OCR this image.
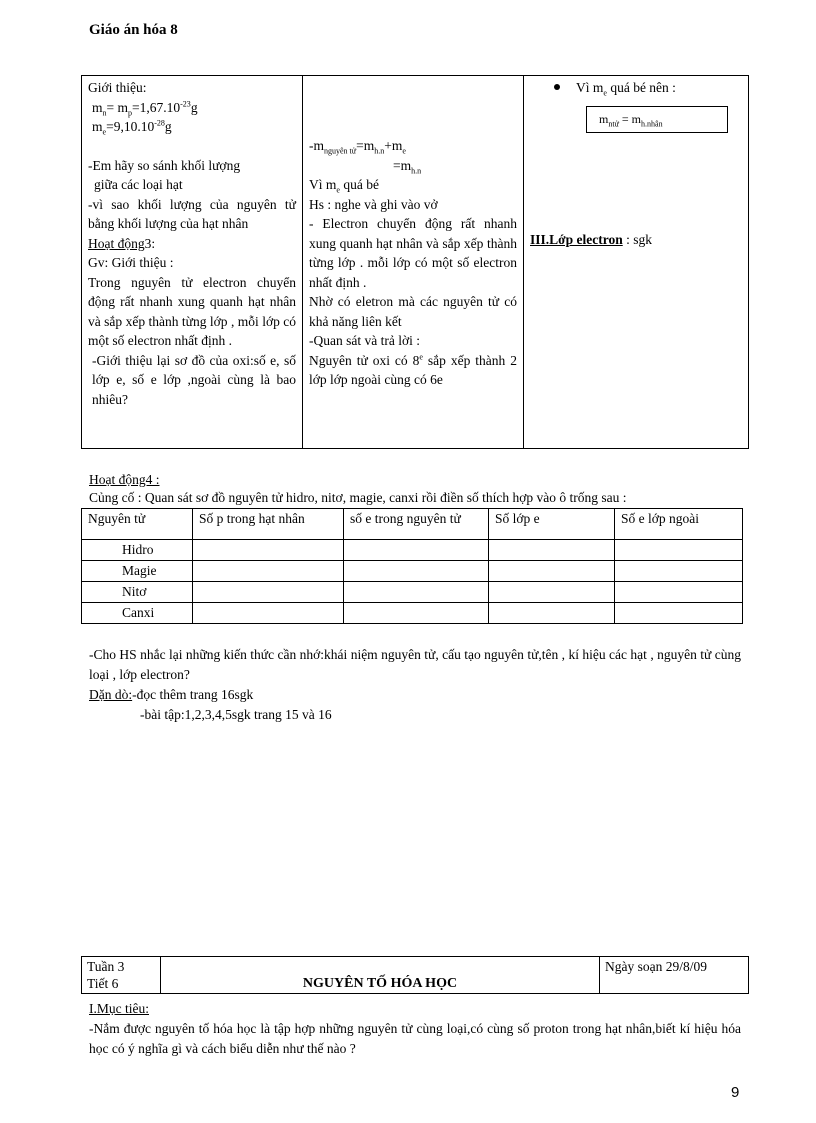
Giáo án hóa 8
Giới thiệu:
$m_n= m_p=1,67.10^{-23}g$
$m_e=9,10.10^{-28}g$
-Em hãy so sánh khối lượng
giữa các loại hạt
-vì sao khối lượng của nguyên tử bằng khối lượng của hạt nhân
Hoạt động3:
Gv: Giới thiệu :
Trong nguyên tử electron chuyển động rất nhanh xung quanh hạt nhân và sắp xếp thành từng lớp , mỗi lớp có một số electron nhất định .
-Giới thiệu lại sơ đồ của oxi:số e, số lớp e, số e lớp ,ngoài cùng là bao nhiêu?

$-m_{nguyên tử}=m_{h.n}+m_e$
$=m_{h.n}$
Vì $m_e$ quá bé
Hs : nghe và ghi vào vở
- Electron chuyển động rất nhanh xung quanh hạt nhân và sắp xếp thành từng lớp . mỗi lớp có một số electron nhất định .
Nhờ có eletron mà các nguyên tử có khả năng liên kết
-Quan sát và trả lời :
Nguyên tử oxi có 8e sắp xếp thành 2 lớp lớp ngoài cùng có 6e

Vì $m_e$ quá bé nên :
$m_{ntử} = m_{h.nhân}$
III.Lớp electron : sgk
Hoạt động4 :
Củng cố : Quan sát sơ đồ nguyên tử hidro, nitơ, magie, canxi rồi điền số thích hợp vào ô trống sau :
Nguyên tử	Số p trong hạt nhân	số e trong nguyên tử	Số lớp e	Số e lớp ngoài
Hidro				
Magie				
Nitơ				
Canxi				
-Cho HS nhắc lại những kiến thức cần nhớ:khái niệm nguyên tử, cấu tạo nguyên tử,tên , kí hiệu các hạt , nguyên tử cùng loại , lớp electron?
Dặn dò:-đọc thêm trang 16sgk
-bài tập:1,2,3,4,5sgk trang 15 và 16
Tuần 3
Tiết 6	NGUYÊN TỐ HÓA HỌC	Ngày soạn 29/8/09
I.Mục tiêu:
-Nắm được nguyên tố hóa học là tập hợp những nguyên tử cùng loại,có cùng số proton trong hạt nhân,biết kí hiệu hóa học có ý nghĩa gì và cách biểu diễn như thế nào ?
9
